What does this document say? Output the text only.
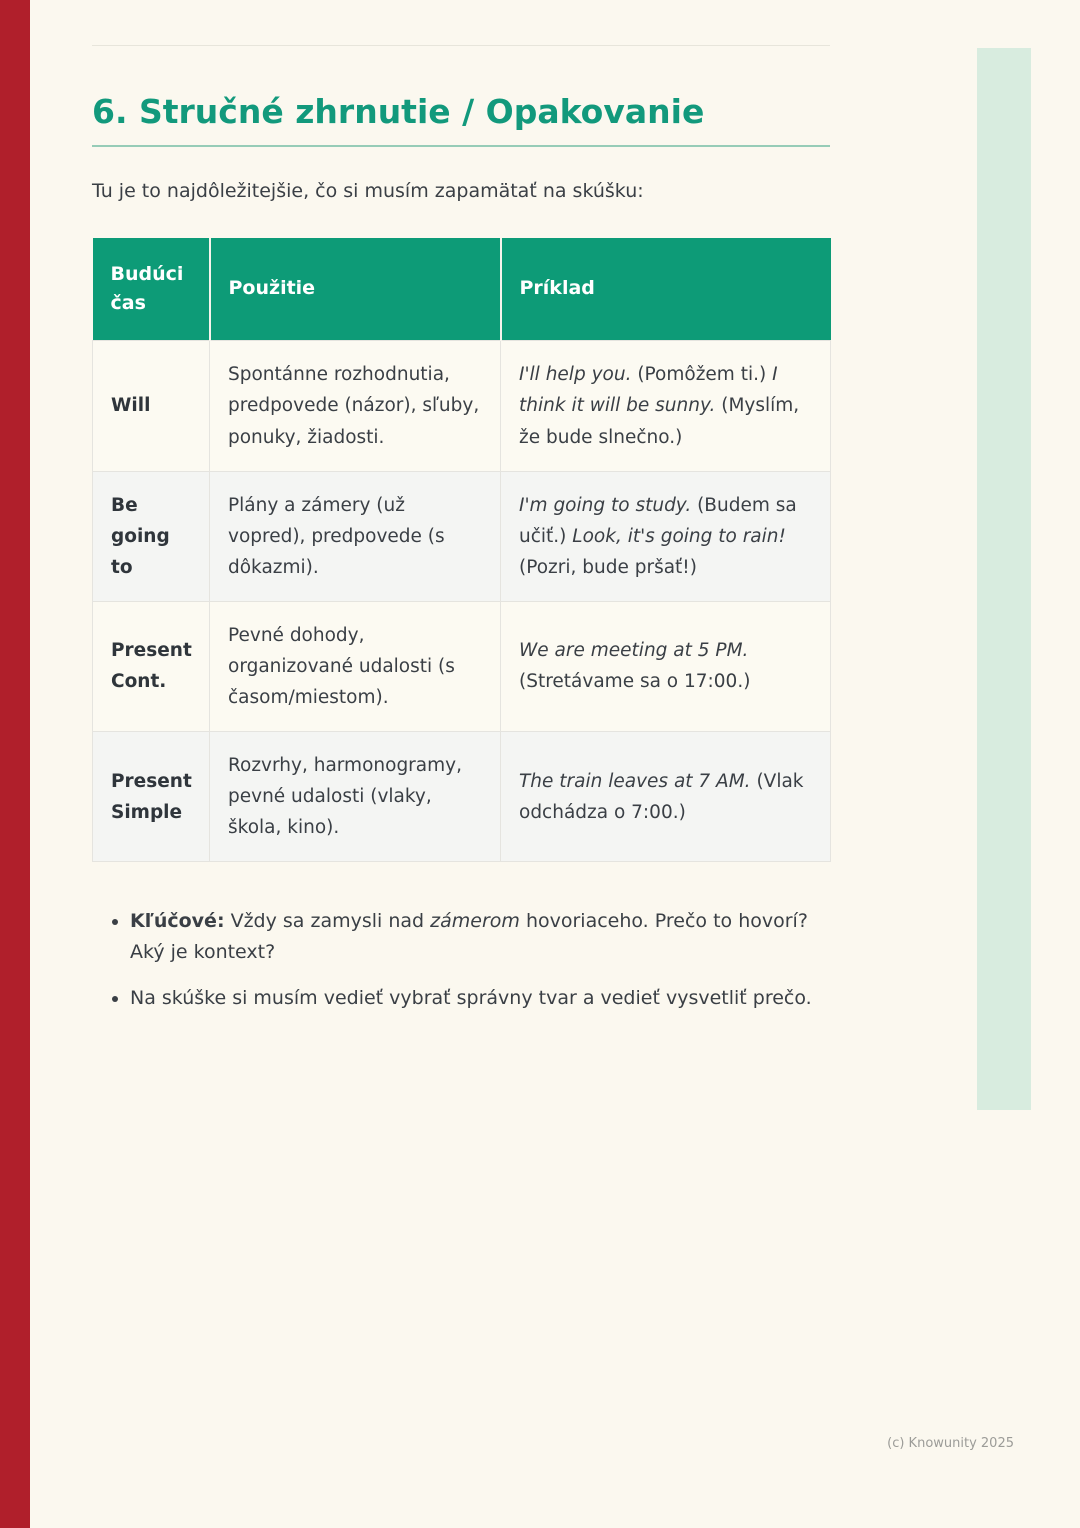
6. Stručné zhrnutie / Opakovanie

Tu je to najdôležitejšie, čo si musím zapamätať na skúšku:

Budúci čas	Použitie	Príklad
Will	Spontánne rozhodnutia, predpovede (názor), sľuby, ponuky, žiadosti.	I'll help you. (Pomôžem ti.) I think it will be sunny. (Myslím, že bude slnečno.)
Be going to	Plány a zámery (už vopred), predpovede (s dôkazmi).	I'm going to study. (Budem sa učiť.) Look, it's going to rain! (Pozri, bude pršať!)
Present Cont.	Pevné dohody, organizované udalosti (s časom/miestom).	We are meeting at 5 PM. (Stretávame sa o 17:00.)
Present Simple	Rozvrhy, harmonogramy, pevné udalosti (vlaky, škola, kino).	The train leaves at 7 AM. (Vlak odchádza o 7:00.)
• Kľúčové: Vždy sa zamysli nad zámerom hovoriaceho. Prečo to hovorí? Aký je kontext?
• Na skúške si musím vedieť vybrať správny tvar a vedieť vysvetliť prečo.
(c) Knowunity 2025
